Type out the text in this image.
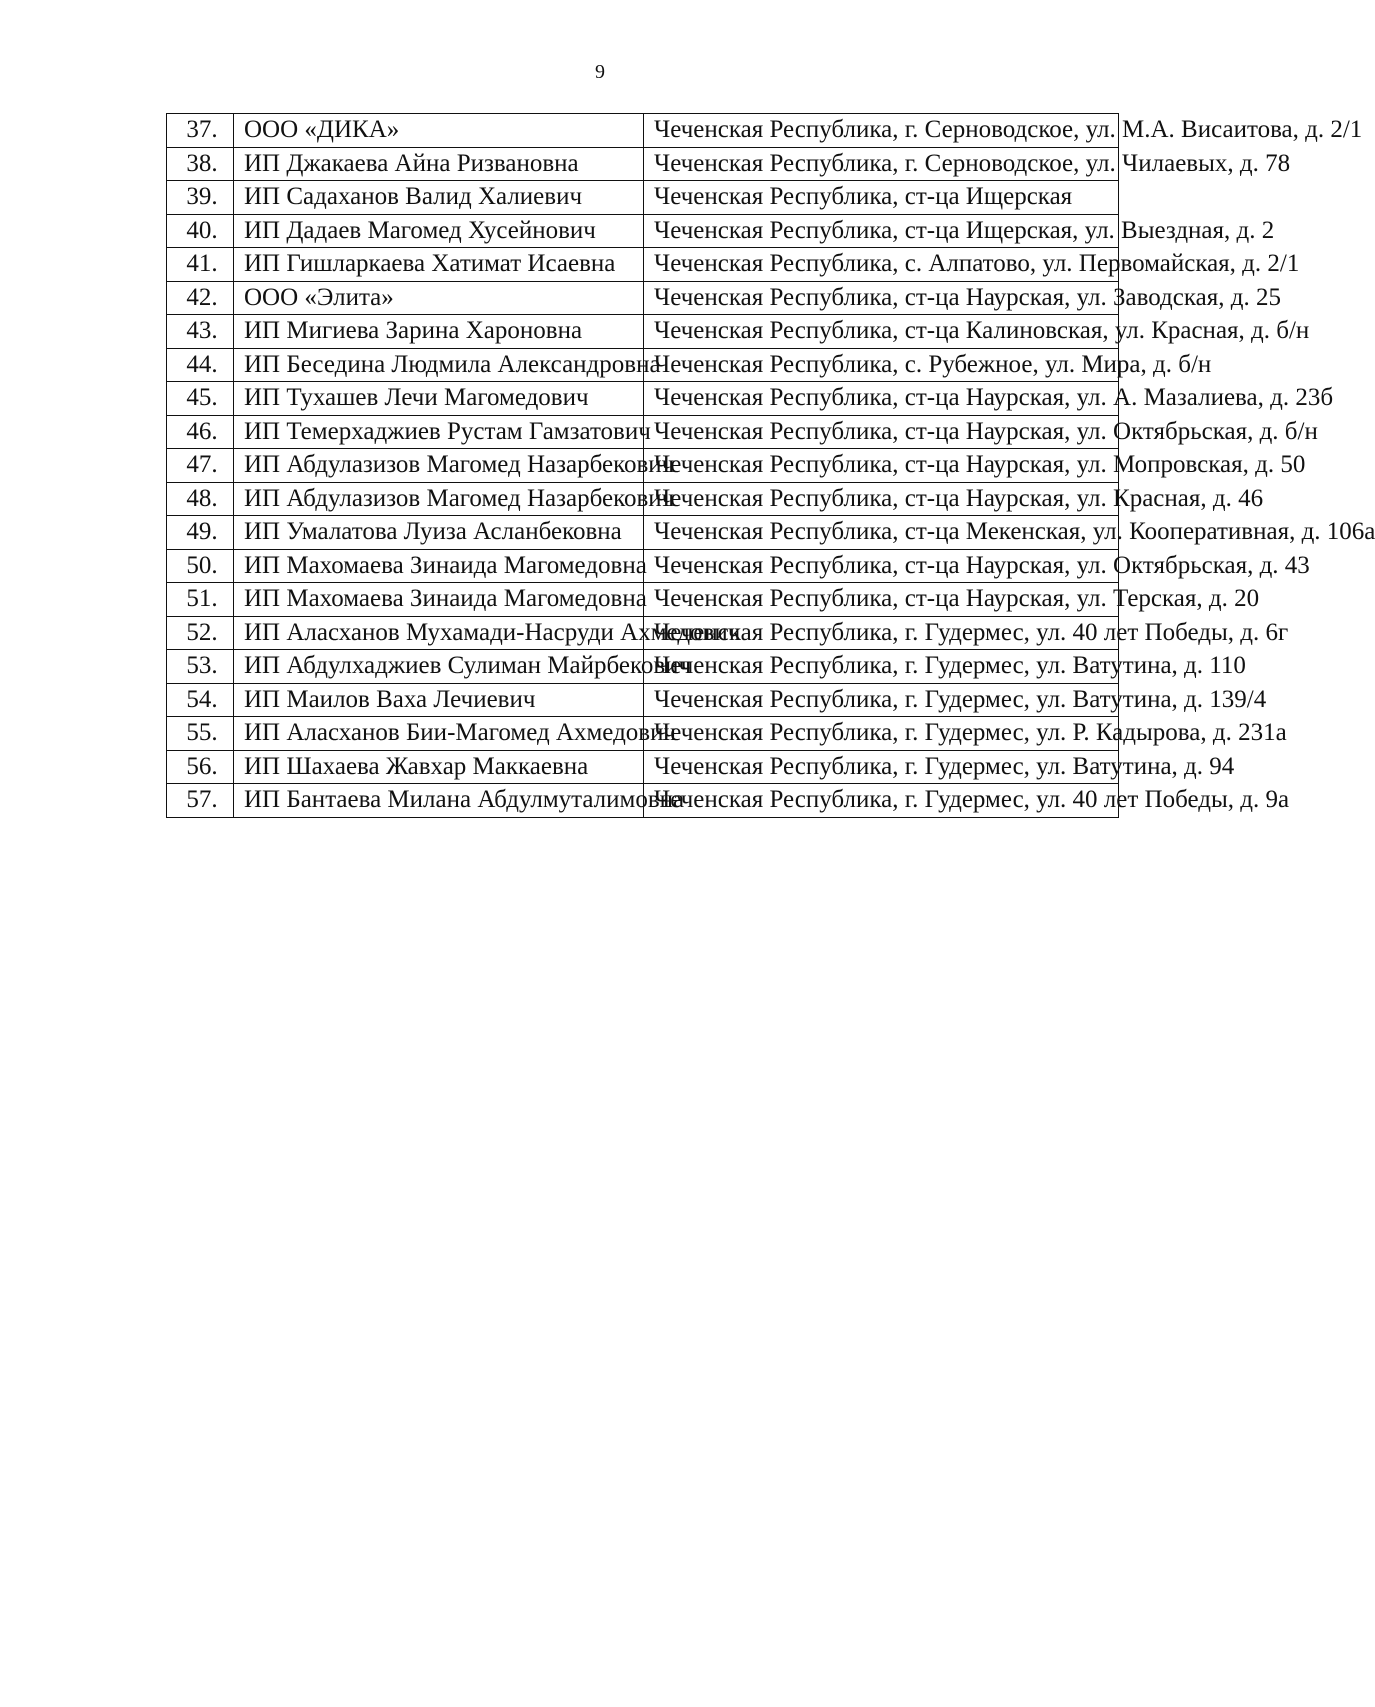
9
37.	ООО «ДИКА»	Чеченская Республика, г. Серноводское, ул. М.А. Висаитова, д. 2/1
38.	ИП Джакаева Айна Ризвановна	Чеченская Республика, г. Серноводское, ул. Чилаевых, д. 78
39.	ИП Садаханов Валид Халиевич	Чеченская Республика, ст-ца Ищерская
40.	ИП Дадаев Магомед Хусейнович	Чеченская Республика, ст-ца Ищерская, ул. Выездная, д. 2
41.	ИП Гишларкаева Хатимат Исаевна	Чеченская Республика, с. Алпатово, ул. Первомайская, д. 2/1
42.	ООО «Элита»	Чеченская Республика, ст-ца Наурская, ул. Заводская, д. 25
43.	ИП Мигиева Зарина Хароновна	Чеченская Республика, ст-ца Калиновская, ул. Красная, д. б/н
44.	ИП Беседина Людмила Александровна	Чеченская Республика, с. Рубежное, ул. Мира, д. б/н
45.	ИП Тухашев Лечи Магомедович	Чеченская Республика, ст-ца Наурская, ул. А. Мазалиева, д. 23б
46.	ИП Темерхаджиев Рустам Гамзатович	Чеченская Республика, ст-ца Наурская, ул. Октябрьская, д. б/н
47.	ИП Абдулазизов Магомед Назарбекович	Чеченская Республика, ст-ца Наурская, ул. Мопровская, д. 50
48.	ИП Абдулазизов Магомед Назарбекович	Чеченская Республика, ст-ца Наурская, ул. Красная, д. 46
49.	ИП Умалатова Луиза Асланбековна	Чеченская Республика, ст-ца Мекенская, ул. Кооперативная, д. 106а
50.	ИП Махомаева Зинаида Магомедовна	Чеченская Республика, ст-ца Наурская, ул. Октябрьская, д. 43
51.	ИП Махомаева Зинаида Магомедовна	Чеченская Республика, ст-ца Наурская, ул. Терская, д. 20
52.	ИП Аласханов Мухамади-Насруди Ахмедович	Чеченская Республика, г. Гудермес, ул. 40 лет Победы, д. 6г
53.	ИП Абдулхаджиев Сулиман Майрбекович	Чеченская Республика, г. Гудермес, ул. Ватутина, д. 110
54.	ИП Маилов Ваха Лечиевич	Чеченская Республика, г. Гудермес, ул. Ватутина, д. 139/4
55.	ИП Аласханов Бии-Магомед Ахмедович	Чеченская Республика, г. Гудермес, ул. Р. Кадырова, д. 231а
56.	ИП Шахаева Жавхар Маккаевна	Чеченская Республика, г. Гудермес, ул. Ватутина, д. 94
57.	ИП Бантаева Милана Абдулмуталимовна	Чеченская Республика, г. Гудермес, ул. 40 лет Победы, д. 9а
